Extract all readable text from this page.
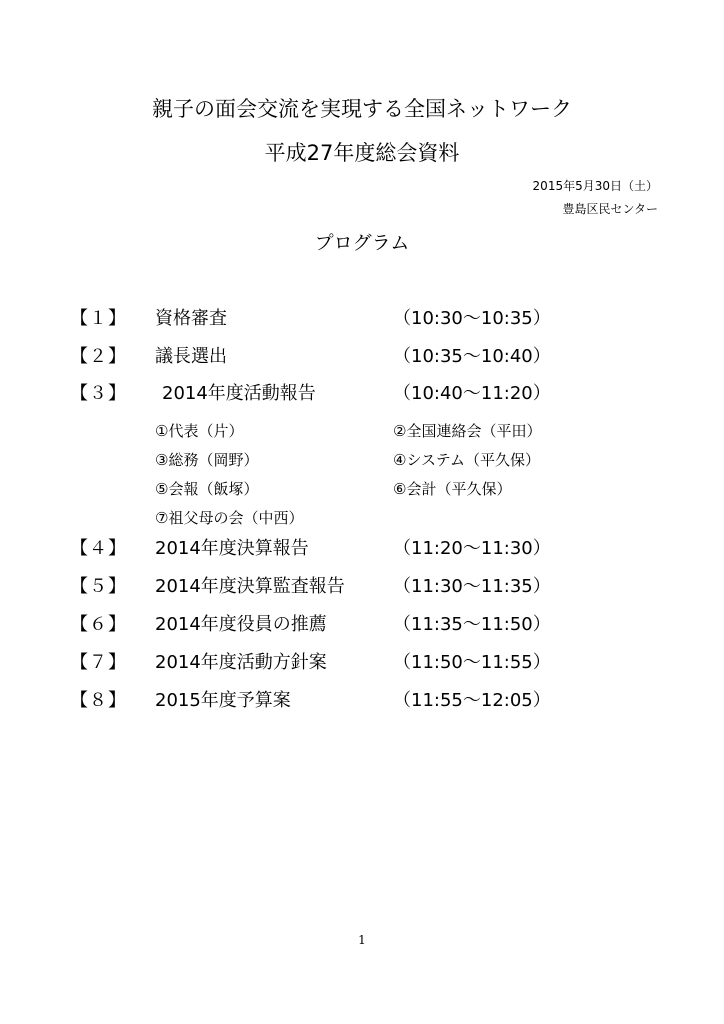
親子の面会交流を実現する全国ネットワーク
平成27年度総会資料
2015年5月30日（土）
豊島区民センター
プログラム
【１】 資格審査	（10:30～10:35）
【２】 議長選出	（10:35～10:40）
【３】 2014年度活動報告	（10:40～11:20）
①代表（片）	②全国連絡会（平田）
③総務（岡野）	④システム（平久保）
⑤会報（飯塚）	⑥会計（平久保）
⑦祖父母の会（中西）
【４】 2014年度決算報告	（11:20～11:30）
【５】 2014年度決算監査報告	（11:30～11:35）
【６】 2014年度役員の推薦	（11:35～11:50）
【７】 2014年度活動方針案	（11:50～11:55）
【８】 2015年度予算案	（11:55～12:05）
1
